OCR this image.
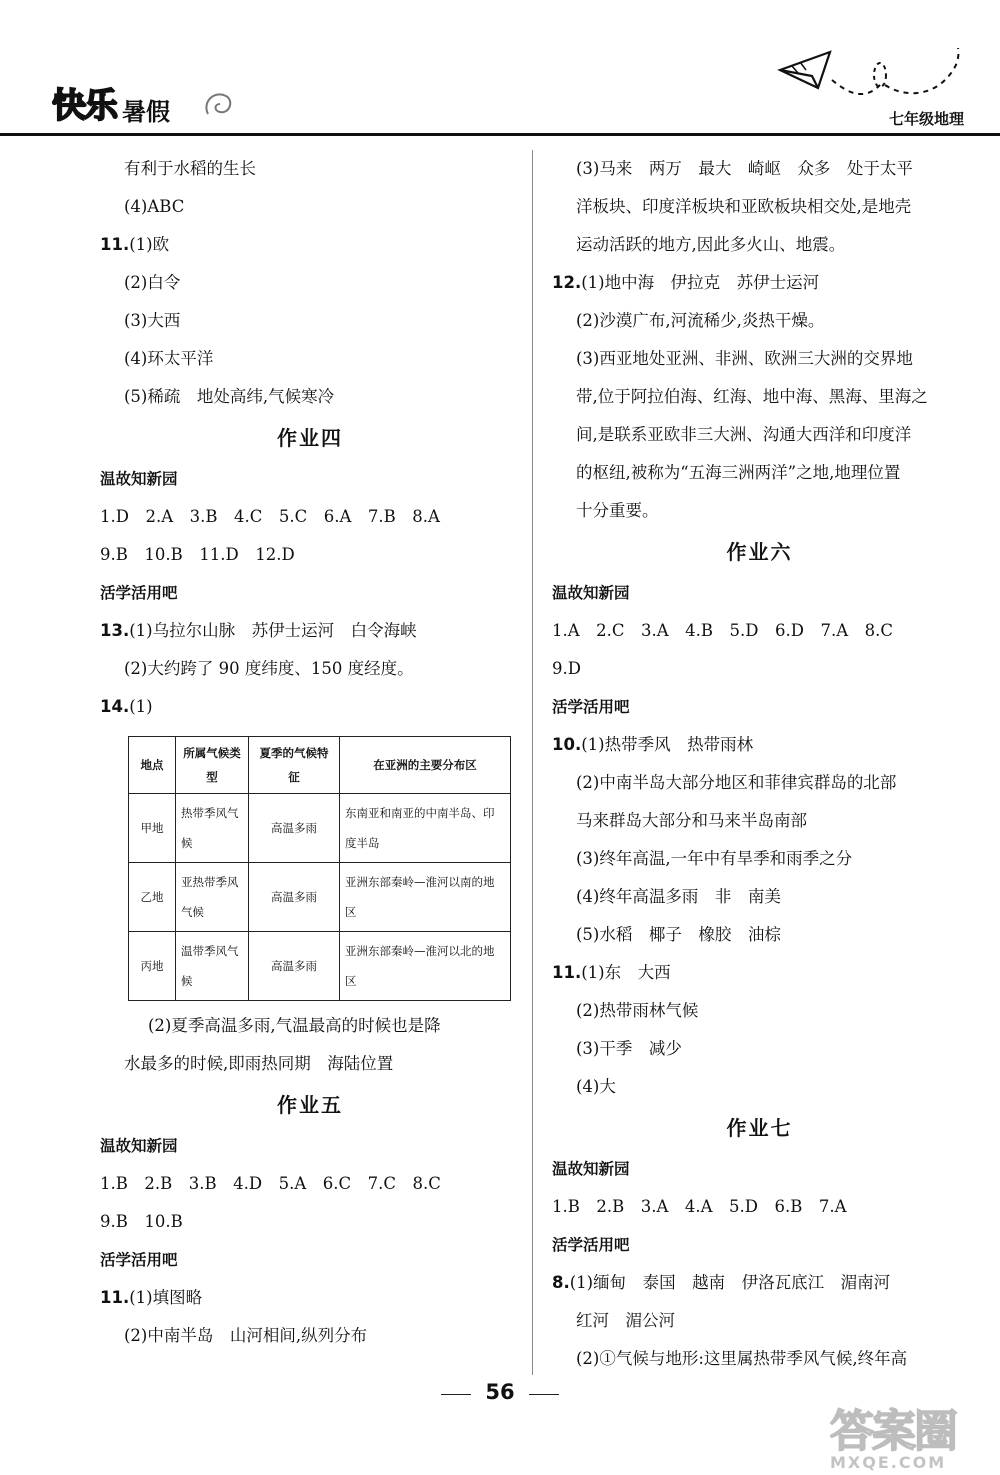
快乐 暑假	七年级地理
有利于水稻的生长
(4)ABC
11.(1)欧
(2)白令
(3)大西
(4)环太平洋
(5)稀疏　地处高纬,气候寒冷
作业四
温故知新园
1.D　2.A　3.B　4.C　5.C　6.A　7.B　8.A
9.B　10.B　11.D　12.D
活学活用吧
13.(1)乌拉尔山脉　苏伊士运河　白令海峡
(2)大约跨了 90 度纬度、150 度经度。
14.(1)
地点	所属气候类型	夏季的气候特征	在亚洲的主要分布区
甲地	热带季风气候	高温多雨	东南亚和南亚的中南半岛、印度半岛
乙地	亚热带季风气候	高温多雨	亚洲东部秦岭—淮河以南的地区
丙地	温带季风气候	高温多雨	亚洲东部秦岭—淮河以北的地区
(2)夏季高温多雨,气温最高的时候也是降
水最多的时候,即雨热同期　海陆位置
作业五
温故知新园
1.B　2.B　3.B　4.D　5.A　6.C　7.C　8.C
9.B　10.B
活学活用吧
11.(1)填图略
(2)中南半岛　山河相间,纵列分布
(3)马来　两万　最大　崎岖　众多　处于太平
洋板块、印度洋板块和亚欧板块相交处,是地壳
运动活跃的地方,因此多火山、地震。
12.(1)地中海　伊拉克　苏伊士运河
(2)沙漠广布,河流稀少,炎热干燥。
(3)西亚地处亚洲、非洲、欧洲三大洲的交界地
带,位于阿拉伯海、红海、地中海、黑海、里海之
间,是联系亚欧非三大洲、沟通大西洋和印度洋
的枢纽,被称为“五海三洲两洋”之地,地理位置
十分重要。
作业六
温故知新园
1.A　2.C　3.A　4.B　5.D　6.D　7.A　8.C
9.D
活学活用吧
10.(1)热带季风　热带雨林
(2)中南半岛大部分地区和菲律宾群岛的北部
马来群岛大部分和马来半岛南部
(3)终年高温,一年中有旱季和雨季之分
(4)终年高温多雨　非　南美
(5)水稻　椰子　橡胶　油棕
11.(1)东　大西
(2)热带雨林气候
(3)干季　减少
(4)大
作业七
温故知新园
1.B　2.B　3.A　4.A　5.D　6.B　7.A
活学活用吧
8.(1)缅甸　泰国　越南　伊洛瓦底江　湄南河
红河　湄公河
(2)①气候与地形:这里属热带季风气候,终年高
56
答案圈
MXQE.COM
